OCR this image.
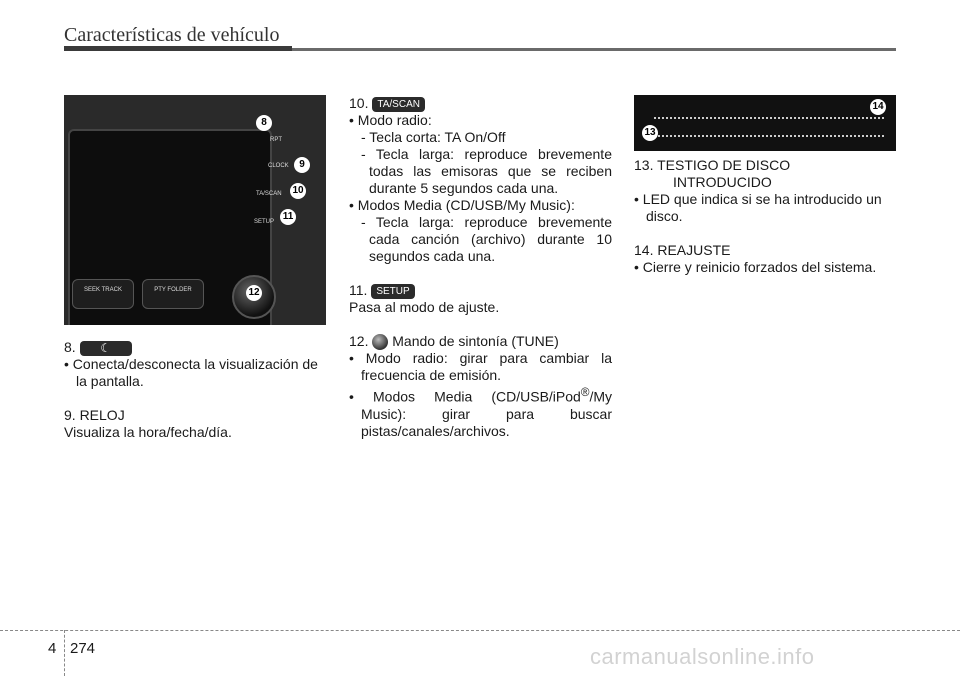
Características de vehículo
RPT
CLOCK
TA/SCAN
SETUP
SEEK TRACK	PTY FOLDER
8
9
10
11
12

8. ☾

• Conecta/desconecta la visualización de la pantalla.

9. RELOJ

Visualiza la hora/fecha/día.

10. TA/SCAN

• Modo radio:

- Tecla corta: TA On/Off

- Tecla larga: reproduce brevemente todas las emisoras que se reciben durante 5 segundos cada una.

• Modos Media (CD/USB/My Music):

- Tecla larga: reproduce brevemente cada canción (archivo) durante 10 segundos cada una.

11. SETUP

Pasa al modo de ajuste.

12. Mando de sintonía (TUNE)

• Modo radio: girar para cambiar la frecuencia de emisión.

• Modos Media (CD/USB/iPod®/My Music): girar para buscar pistas/canales/archivos.

13
14

13. TESTIGO DE DISCO

INTRODUCIDO

• LED que indica si se ha introducido un disco.

14. REAJUSTE

• Cierre y reinicio forzados del sistema.

4 274	carmanualsonline.info
